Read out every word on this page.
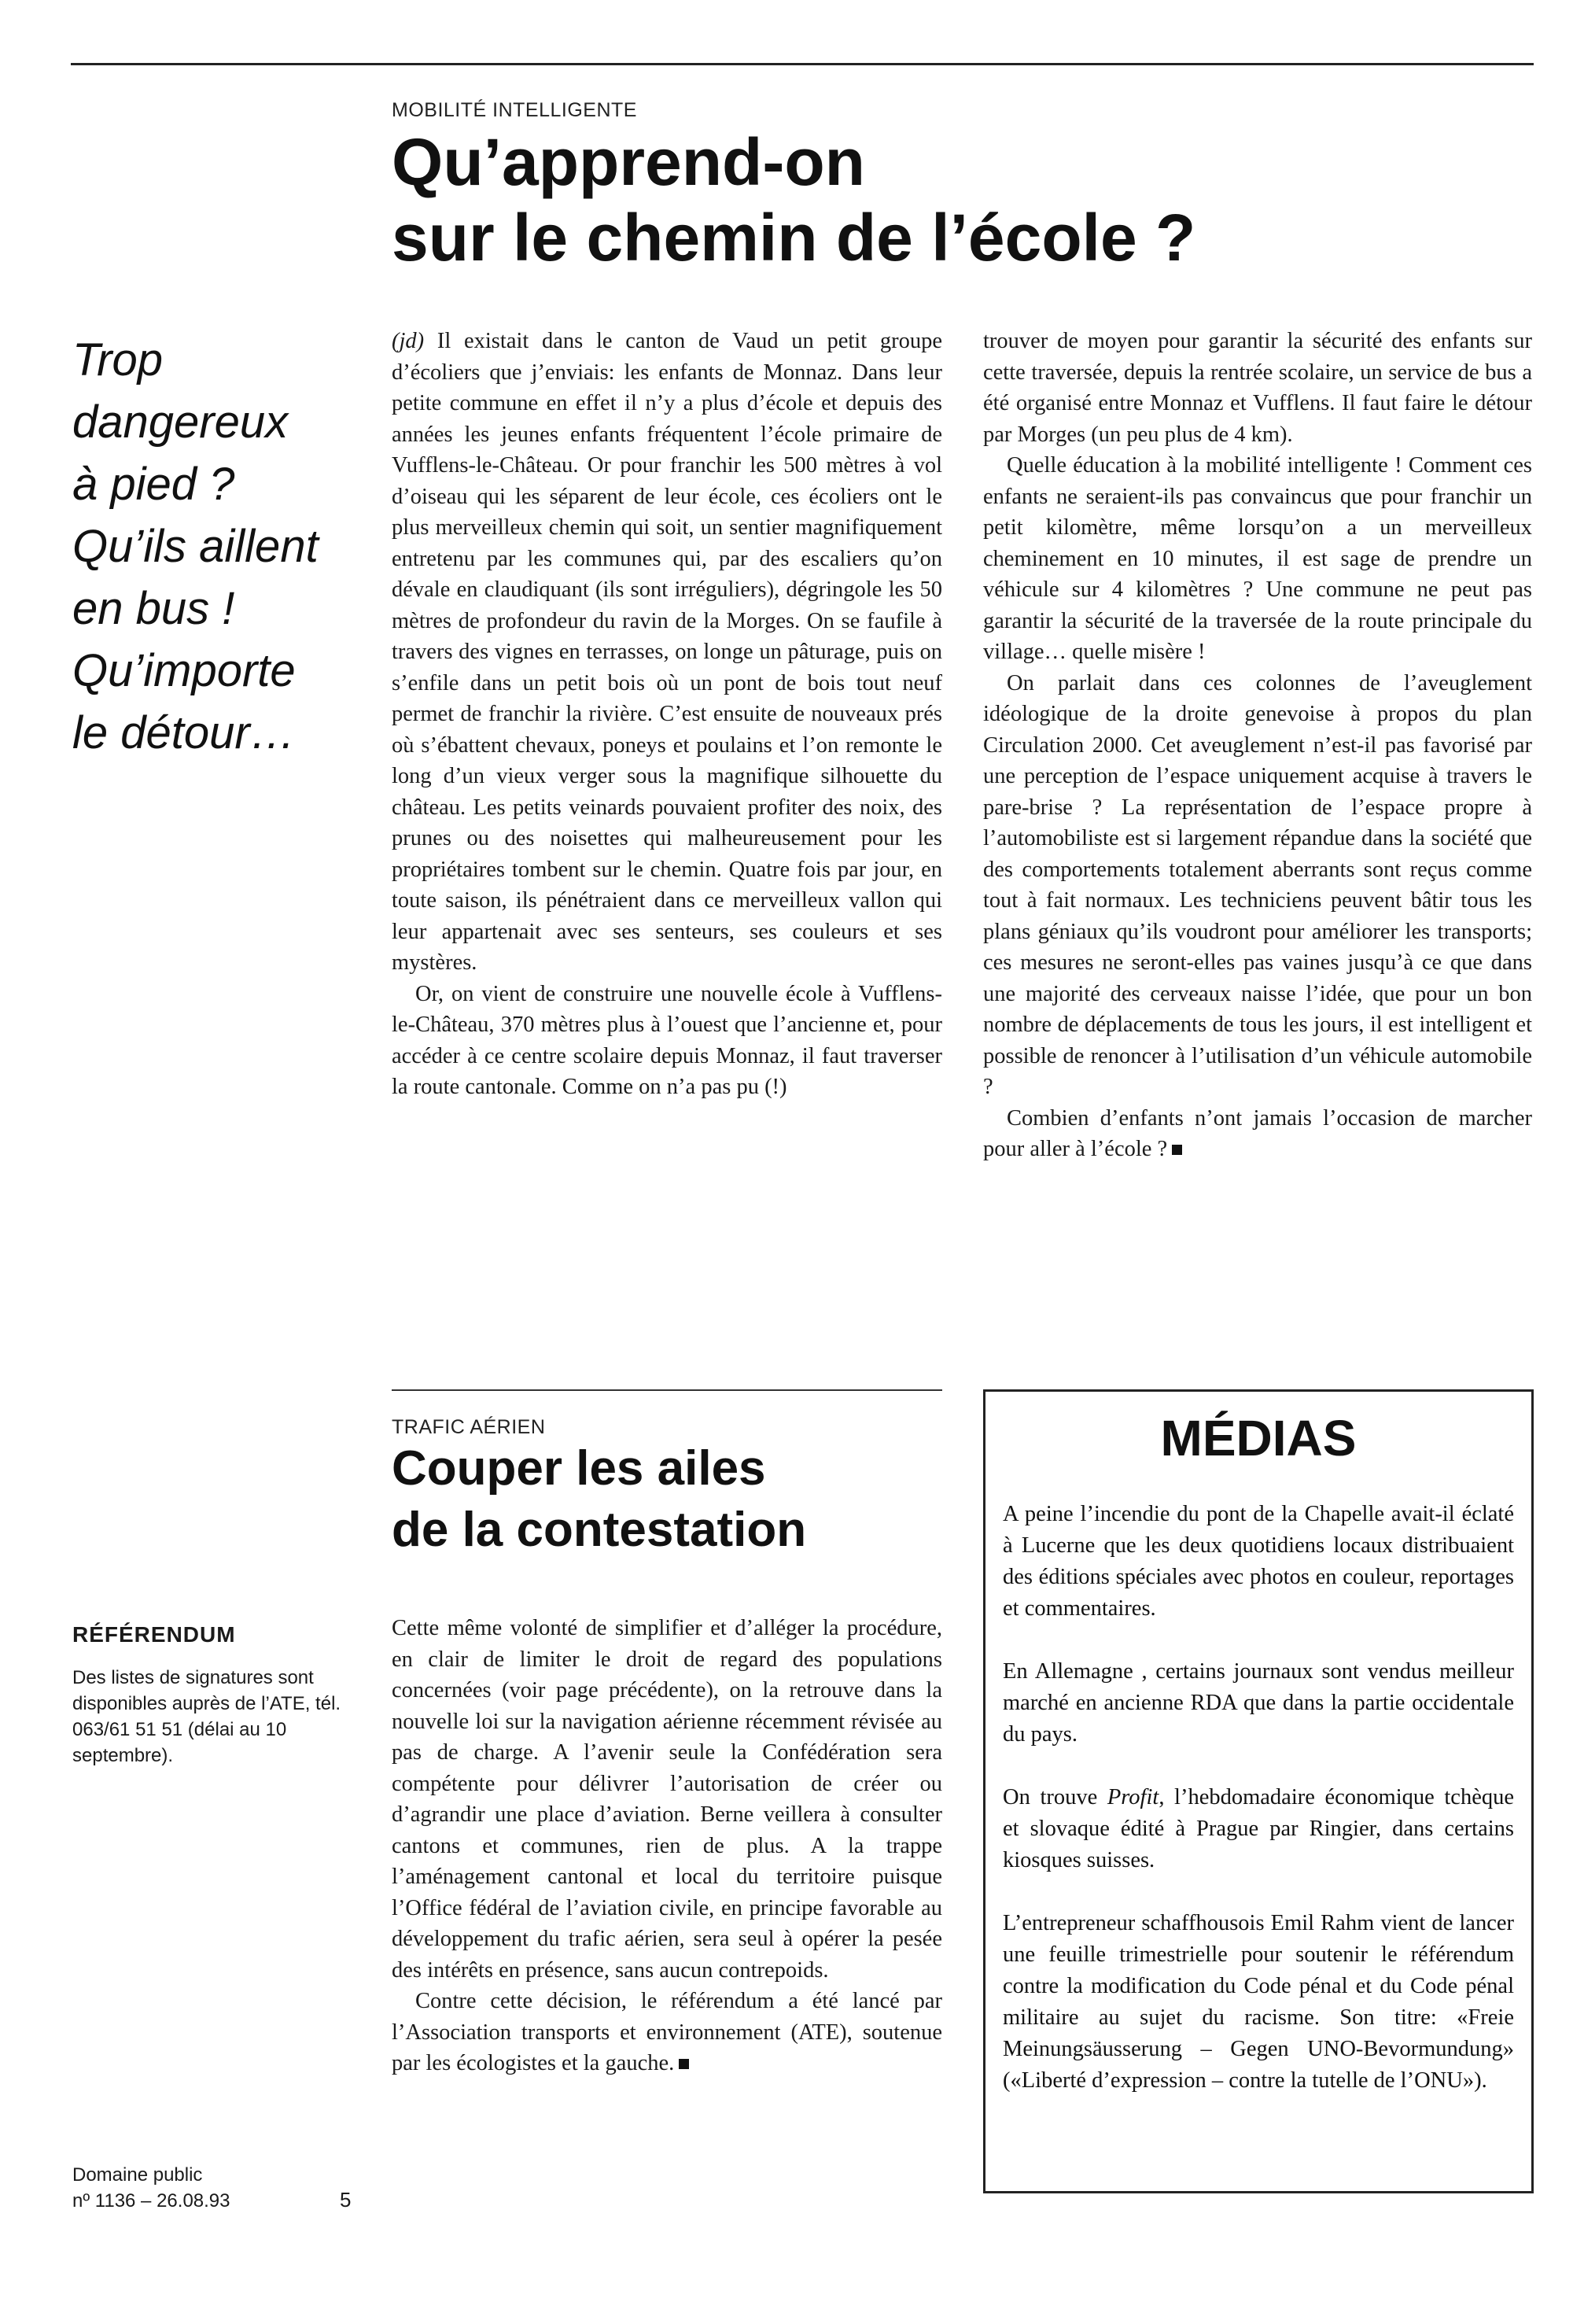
MOBILITÉ INTELLIGENTE
Qu’apprend-on
sur le chemin de l’école ?
Trop
dangereux
à pied ?
Qu’ils aillent
en bus !
Qu’importe
le détour…

(jd) Il existait dans le canton de Vaud un petit groupe d’écoliers que j’enviais: les enfants de Monnaz. Dans leur petite commune en effet il n’y a plus d’école et depuis des années les jeunes enfants fréquentent l’école primaire de Vufflens-le-Château. Or pour franchir les 500 mètres à vol d’oiseau qui les séparent de leur école, ces écoliers ont le plus merveilleux chemin qui soit, un sentier magnifiquement entretenu par les communes qui, par des escaliers qu’on dévale en claudiquant (ils sont irréguliers), dégringole les 50 mètres de profondeur du ravin de la Morges. On se faufile à travers des vignes en terrasses, on longe un pâturage, puis on s’enfile dans un petit bois où un pont de bois tout neuf permet de franchir la rivière. C’est ensuite de nouveaux prés où s’ébattent chevaux, poneys et poulains et l’on remonte le long d’un vieux verger sous la magnifique silhouette du château. Les petits veinards pouvaient profiter des noix, des prunes ou des noisettes qui malheureusement pour les propriétaires tombent sur le chemin. Quatre fois par jour, en toute saison, ils pénétraient dans ce merveilleux vallon qui leur appartenait avec ses senteurs, ses couleurs et ses mystères.

Or, on vient de construire une nouvelle école à Vufflens-le-Château, 370 mètres plus à l’ouest que l’ancienne et, pour accéder à ce centre scolaire depuis Monnaz, il faut traverser la route cantonale. Comme on n’a pas pu (!)

trouver de moyen pour garantir la sécurité des enfants sur cette traversée, depuis la rentrée scolaire, un service de bus a été organisé entre Monnaz et Vufflens. Il faut faire le détour par Morges (un peu plus de 4 km).

Quelle éducation à la mobilité intelligente ! Comment ces enfants ne seraient-ils pas convaincus que pour franchir un petit kilomètre, même lorsqu’on a un merveilleux cheminement en 10 minutes, il est sage de prendre un véhicule sur 4 kilomètres ? Une commune ne peut pas garantir la sécurité de la traversée de la route principale du village… quelle misère !

On parlait dans ces colonnes de l’aveuglement idéologique de la droite genevoise à propos du plan Circulation 2000. Cet aveuglement n’est-il pas favorisé par une perception de l’espace uniquement acquise à travers le pare-brise ? La représentation de l’espace propre à l’automobiliste est si largement répandue dans la société que des comportements totalement aberrants sont reçus comme tout à fait normaux. Les techniciens peuvent bâtir tous les plans géniaux qu’ils voudront pour améliorer les transports; ces mesures ne seront-elles pas vaines jusqu’à ce que dans une majorité des cerveaux naisse l’idée, que pour un bon nombre de déplacements de tous les jours, il est intelligent et possible de renoncer à l’utilisation d’un véhicule automobile ?

Combien d’enfants n’ont jamais l’occasion de marcher pour aller à l’école ?

TRAFIC AÉRIEN
Couper les ailes
de la contestation

Cette même volonté de simplifier et d’alléger la procédure, en clair de limiter le droit de regard des populations concernées (voir page précédente), on la retrouve dans la nouvelle loi sur la navigation aérienne récemment révisée au pas de charge. A l’avenir seule la Confédération sera compétente pour délivrer l’autorisation de créer ou d’agrandir une place d’aviation. Berne veillera à consulter cantons et communes, rien de plus. A la trappe l’aménagement cantonal et local du territoire puisque l’Office fédéral de l’aviation civile, en principe favorable au développement du trafic aérien, sera seul à opérer la pesée des intérêts en présence, sans aucun contrepoids.

Contre cette décision, le référendum a été lancé par l’Association transports et environnement (ATE), soutenue par les écologistes et la gauche.

MÉDIAS

A peine l’incendie du pont de la Chapelle avait-il éclaté à Lucerne que les deux quotidiens locaux distribuaient des éditions spéciales avec photos en couleur, reportages et commentaires.

En Allemagne , certains journaux sont vendus meilleur marché en ancienne RDA que dans la partie occidentale du pays.

On trouve Profit, l’hebdomadaire économique tchèque et slovaque édité à Prague par Ringier, dans certains kiosques suisses.

L’entrepreneur schaffhousois Emil Rahm vient de lancer une feuille trimestrielle pour soutenir le référendum contre la modification du Code pénal et du Code pénal militaire au sujet du racisme. Son titre: «Freie Meinungsäusserung – Gegen UNO-Bevormundung» («Liberté d’expression – contre la tutelle de l’ONU»).

RÉFÉRENDUM
Des listes de signatures sont disponibles auprès de l’ATE, tél. 063/61 51 51 (délai au 10 septembre).
Domaine public
nº 1136 – 26.08.93	5
